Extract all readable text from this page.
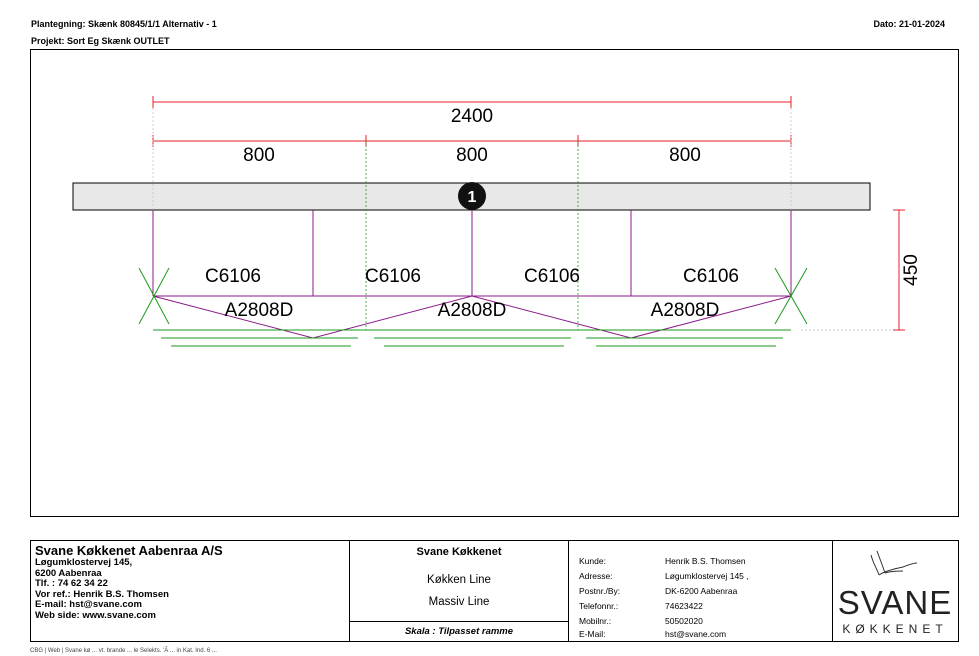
Plantegning: Skænk 80845/1/1 Alternativ - 1
Projekt: Sort Eg Skænk OUTLET
Dato: 21-01-2024
1
2400
800	800	800
450
C6106	C6106	C6106	C6106
A2808D	A2808D	A2808D
Svane Køkkenet Aabenraa A/S
Løgumklostervej 145,
6200 Aabenraa
Tlf. : 74 62 34 22
Vor ref.: Henrik B.S. Thomsen
E-mail: hst@svane.com
Web side: www.svane.com
Svane Køkkenet
Køkken Line
Massiv Line
Skala : Tilpasset ramme
Kunde:	Henrik B.S. Thomsen
Adresse:	Løgumklostervej 145 ,
Postnr./By:	DK-6200 Aabenraa
Telefonnr.:	74623422
Mobilnr.:	50502020
E-Mail:	hst@svane.com
SVANE
KØKKENET
CBG | Web | Svane kø ... vt. brande ... le Selekts. 'Ã ... in Kat. Ind. 6 ...
